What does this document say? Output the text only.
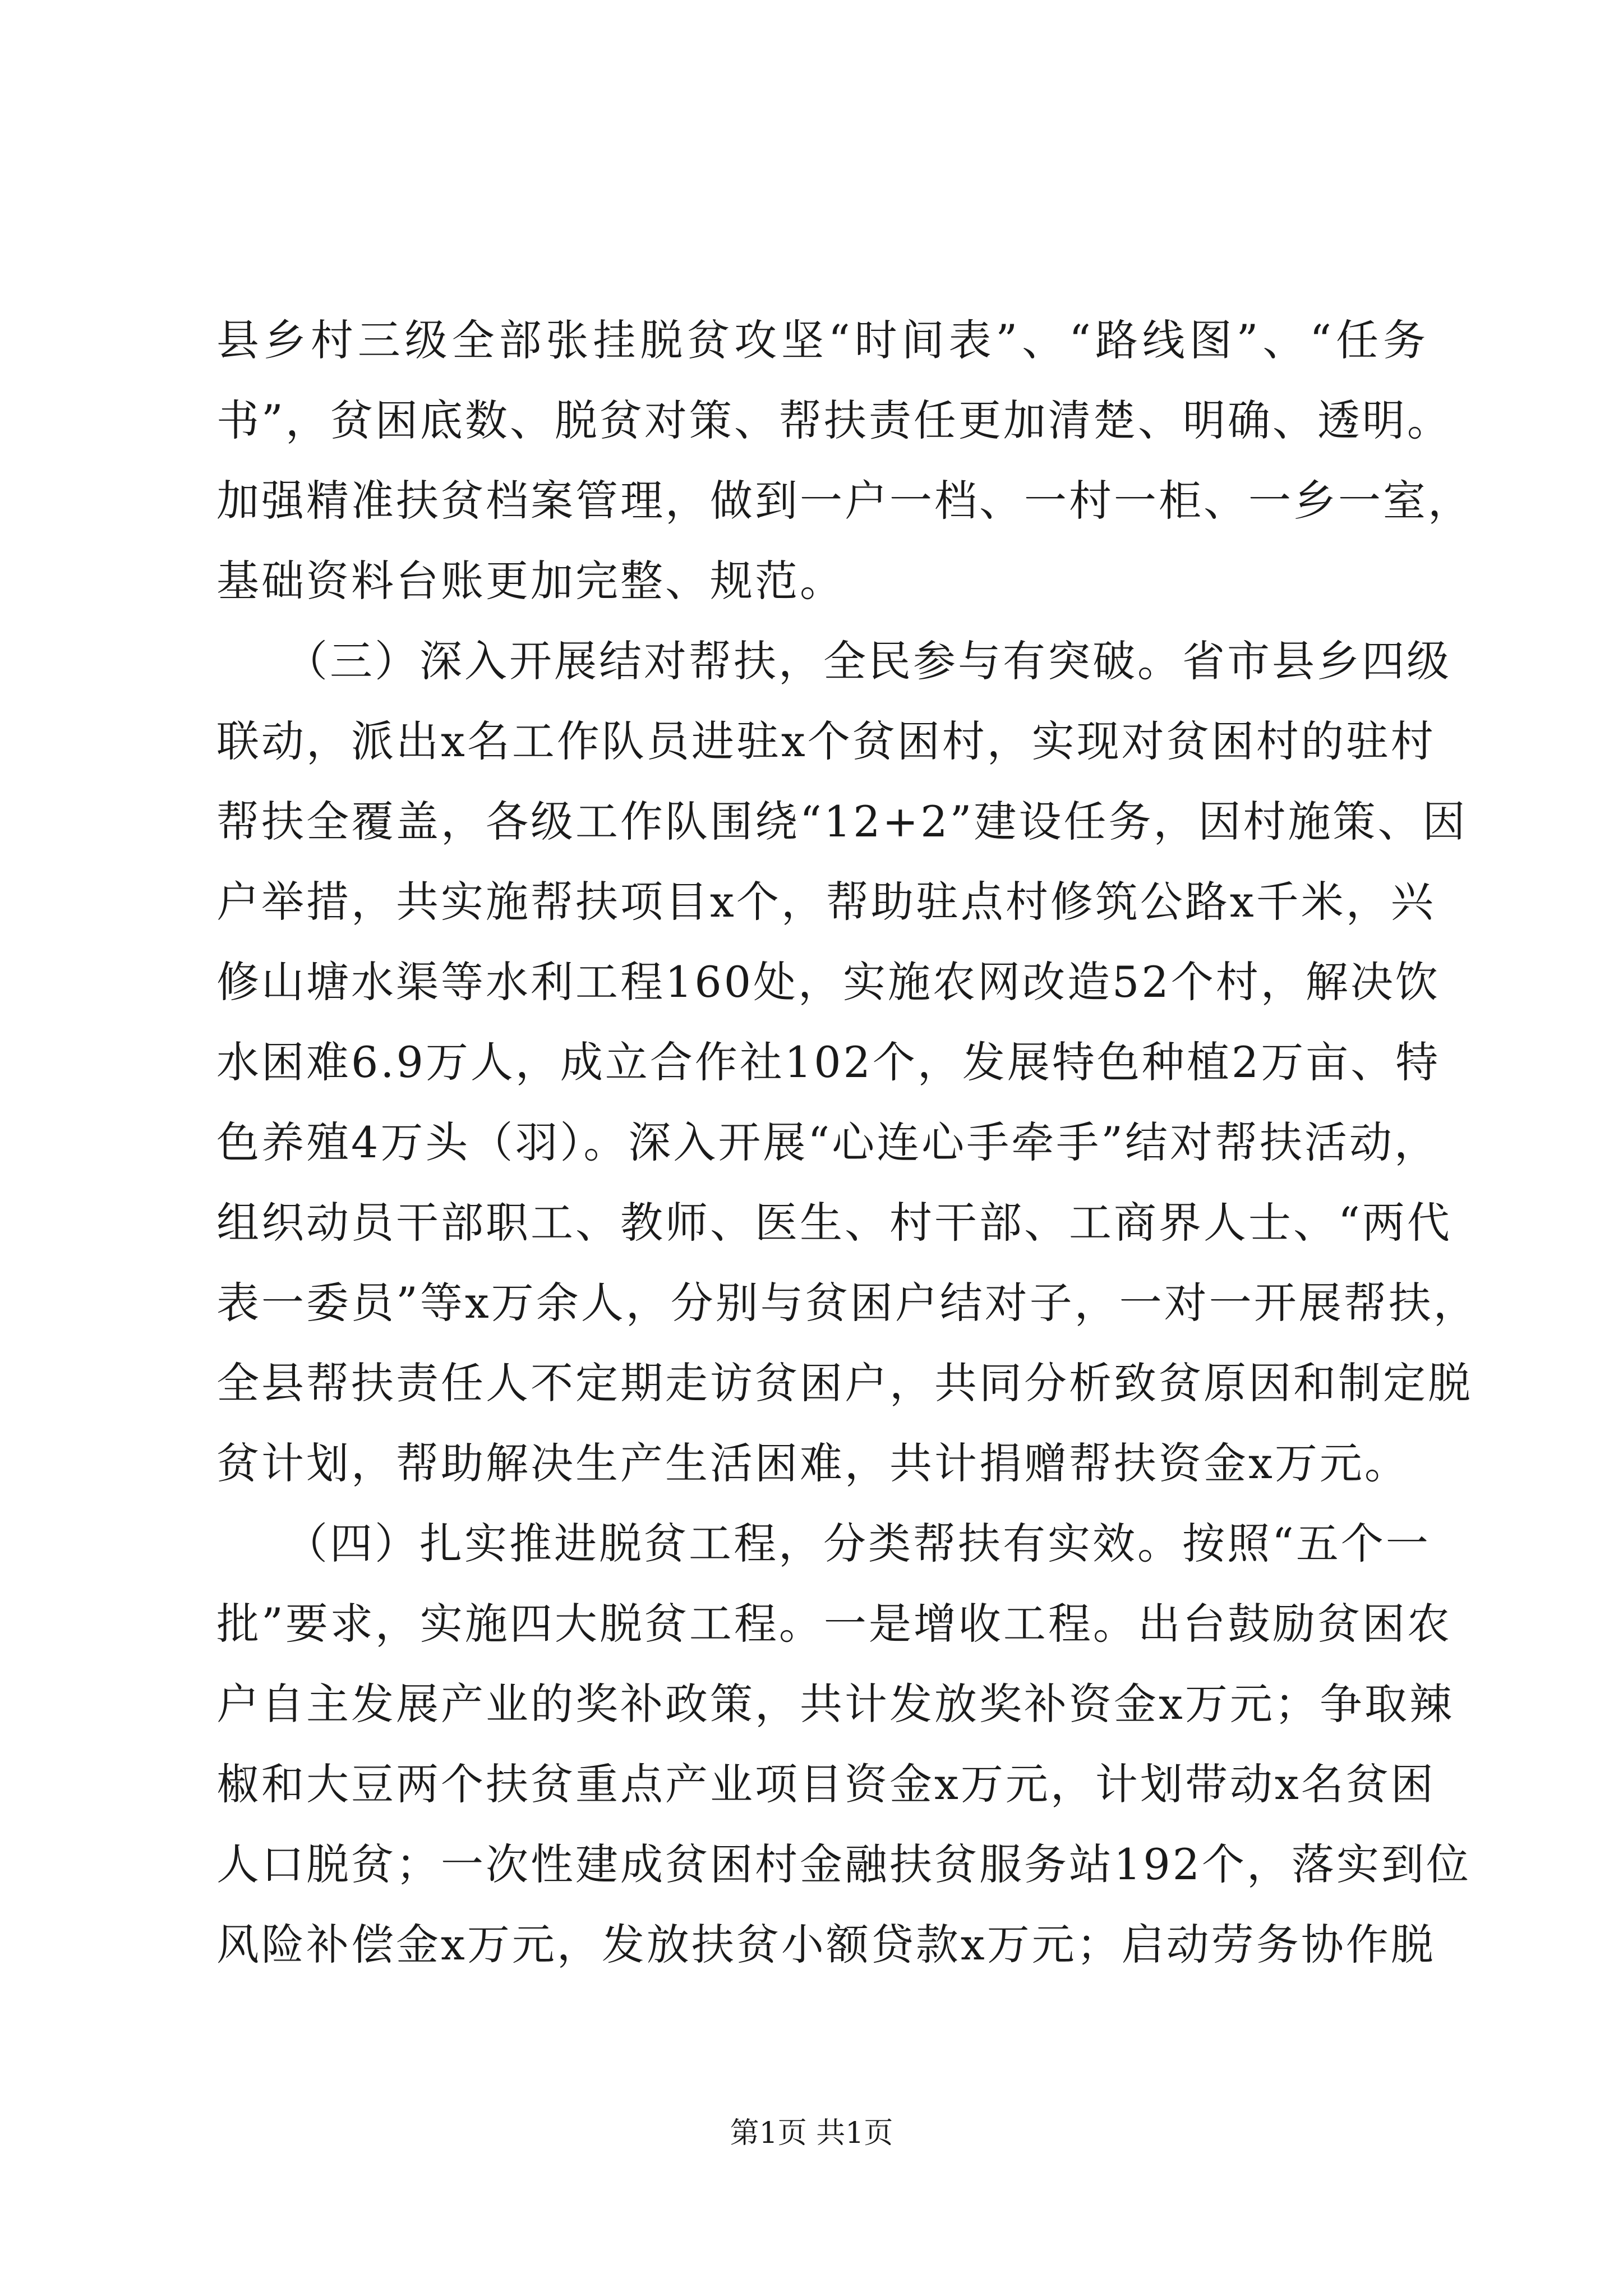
县乡村三级全部张挂脱贫攻坚“时间表”、“路线图”、“任务
书”，贫困底数、脱贫对策、帮扶责任更加清楚、明确、透明。
加强精准扶贫档案管理，做到一户一档、一村一柜、一乡一室，
基础资料台账更加完整、规范。
　　（三）深入开展结对帮扶，全民参与有突破。省市县乡四级
联动，派出x名工作队员进驻x个贫困村，实现对贫困村的驻村
帮扶全覆盖，各级工作队围绕“12+2”建设任务，因村施策、因
户举措，共实施帮扶项目x个，帮助驻点村修筑公路x千米，兴
修山塘水渠等水利工程160处，实施农网改造52个村，解决饮
水困难6.9万人，成立合作社102个，发展特色种植2万亩、特
色养殖4万头（羽）。深入开展“心连心手牵手”结对帮扶活动，
组织动员干部职工、教师、医生、村干部、工商界人士、“两代
表一委员”等x万余人，分别与贫困户结对子，一对一开展帮扶，
全县帮扶责任人不定期走访贫困户，共同分析致贫原因和制定脱
贫计划，帮助解决生产生活困难，共计捐赠帮扶资金x万元。
　　（四）扎实推进脱贫工程，分类帮扶有实效。按照“五个一
批”要求，实施四大脱贫工程。一是增收工程。出台鼓励贫困农
户自主发展产业的奖补政策，共计发放奖补资金x万元；争取辣
椒和大豆两个扶贫重点产业项目资金x万元，计划带动x名贫困
人口脱贫；一次性建成贫困村金融扶贫服务站192个，落实到位
风险补偿金x万元，发放扶贫小额贷款x万元；启动劳务协作脱
第1页 共1页
